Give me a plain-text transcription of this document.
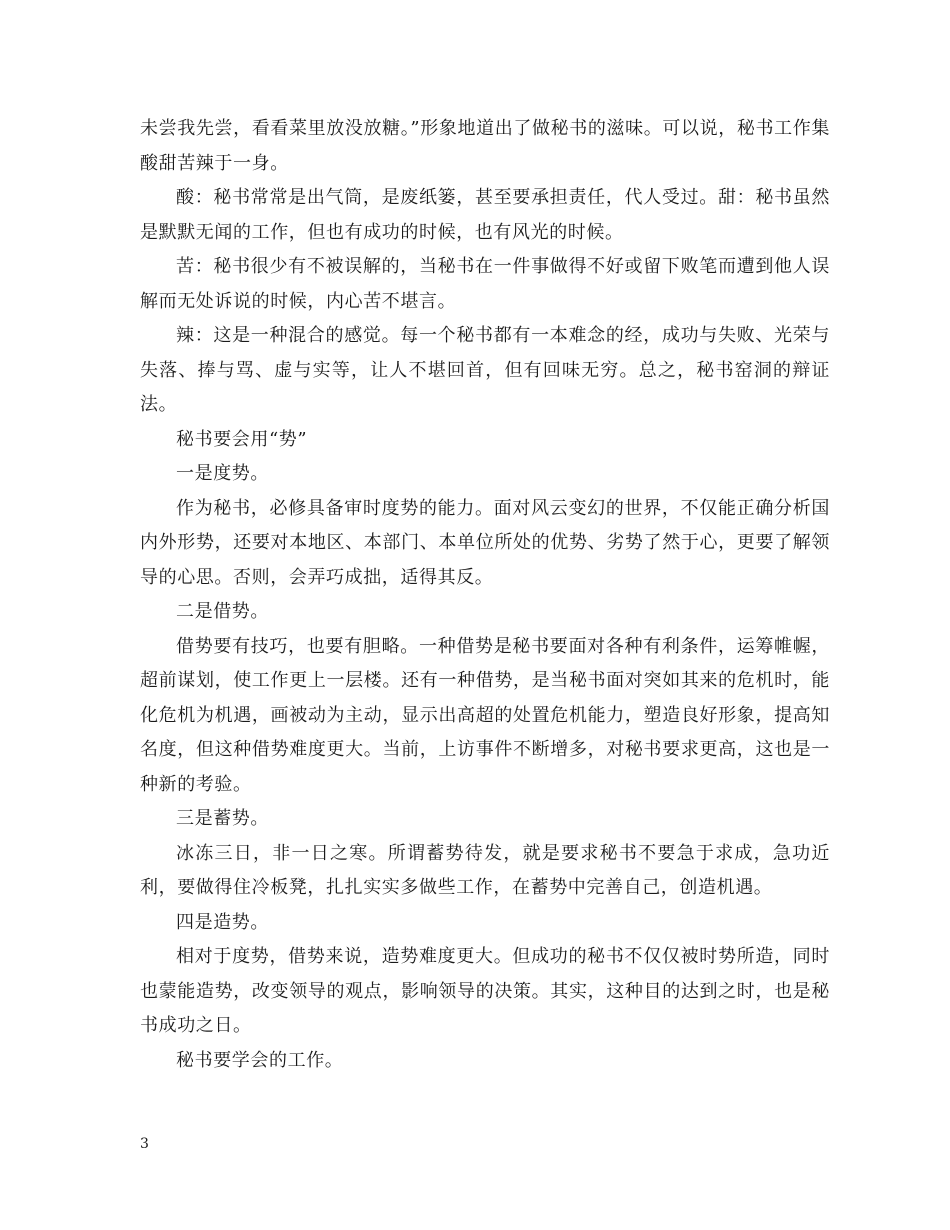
未尝我先尝，看看菜里放没放糖。”形象地道出了做秘书的滋味。可以说，秘书工作集酸甜苦辣于一身。

酸：秘书常常是出气筒，是废纸篓，甚至要承担责任，代人受过。甜：秘书虽然是默默无闻的工作，但也有成功的时候，也有风光的时候。

苦：秘书很少有不被误解的，当秘书在一件事做得不好或留下败笔而遭到他人误解而无处诉说的时候，内心苦不堪言。

辣：这是一种混合的感觉。每一个秘书都有一本难念的经，成功与失败、光荣与失落、捧与骂、虚与实等，让人不堪回首，但有回味无穷。总之，秘书窑洞的辩证法。

秘书要会用“势”

一是度势。

作为秘书，必修具备审时度势的能力。面对风云变幻的世界，不仅能正确分析国内外形势，还要对本地区、本部门、本单位所处的优势、劣势了然于心，更要了解领导的心思。否则，会弄巧成拙，适得其反。

二是借势。

借势要有技巧，也要有胆略。一种借势是秘书要面对各种有利条件，运筹帷幄，超前谋划，使工作更上一层楼。还有一种借势，是当秘书面对突如其来的危机时，能化危机为机遇，画被动为主动，显示出高超的处置危机能力，塑造良好形象，提高知名度，但这种借势难度更大。当前，上访事件不断增多，对秘书要求更高，这也是一种新的考验。

三是蓄势。

冰冻三日，非一日之寒。所谓蓄势待发，就是要求秘书不要急于求成，急功近利，要做得住冷板凳，扎扎实实多做些工作，在蓄势中完善自己，创造机遇。

四是造势。

相对于度势，借势来说，造势难度更大。但成功的秘书不仅仅被时势所造，同时也蒙能造势，改变领导的观点，影响领导的决策。其实，这种目的达到之时，也是秘书成功之日。

秘书要学会的工作。

3
